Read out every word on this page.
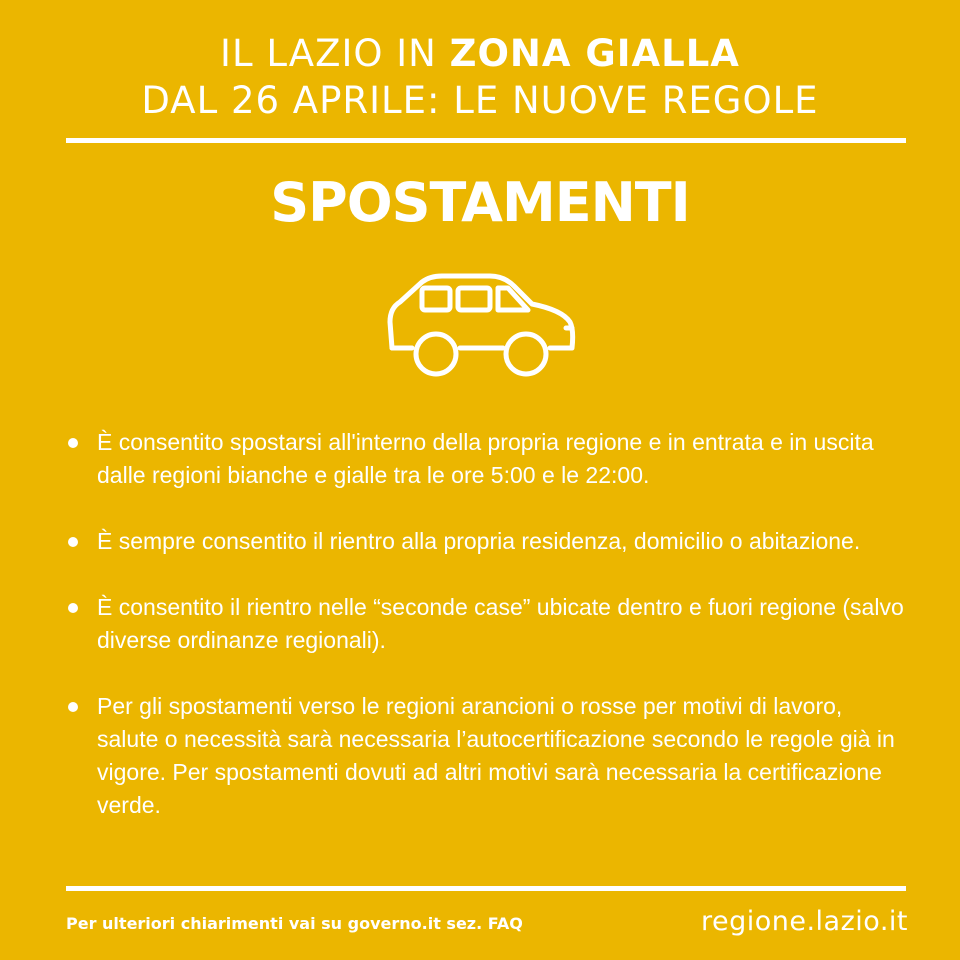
IL LAZIO IN ZONA GIALLA
DAL 26 APRILE: LE NUOVE REGOLE
SPOSTAMENTI
È consentito spostarsi all'interno della propria regione e in entrata e in uscita dalle regioni bianche e gialle tra le ore 5:00 e le 22:00.
È sempre consentito il rientro alla propria residenza, domicilio o abitazione.
È consentito il rientro nelle “seconde case” ubicate dentro e fuori regione (salvo diverse ordinanze regionali).
Per gli spostamenti verso le regioni arancioni o rosse per motivi di lavoro, salute o necessità sarà necessaria l’autocertificazione secondo le regole già in vigore. Per spostamenti dovuti ad altri motivi sarà necessaria la certificazione verde.
Per ulteriori chiarimenti vai su governo.it sez. FAQ	regione.lazio.it
